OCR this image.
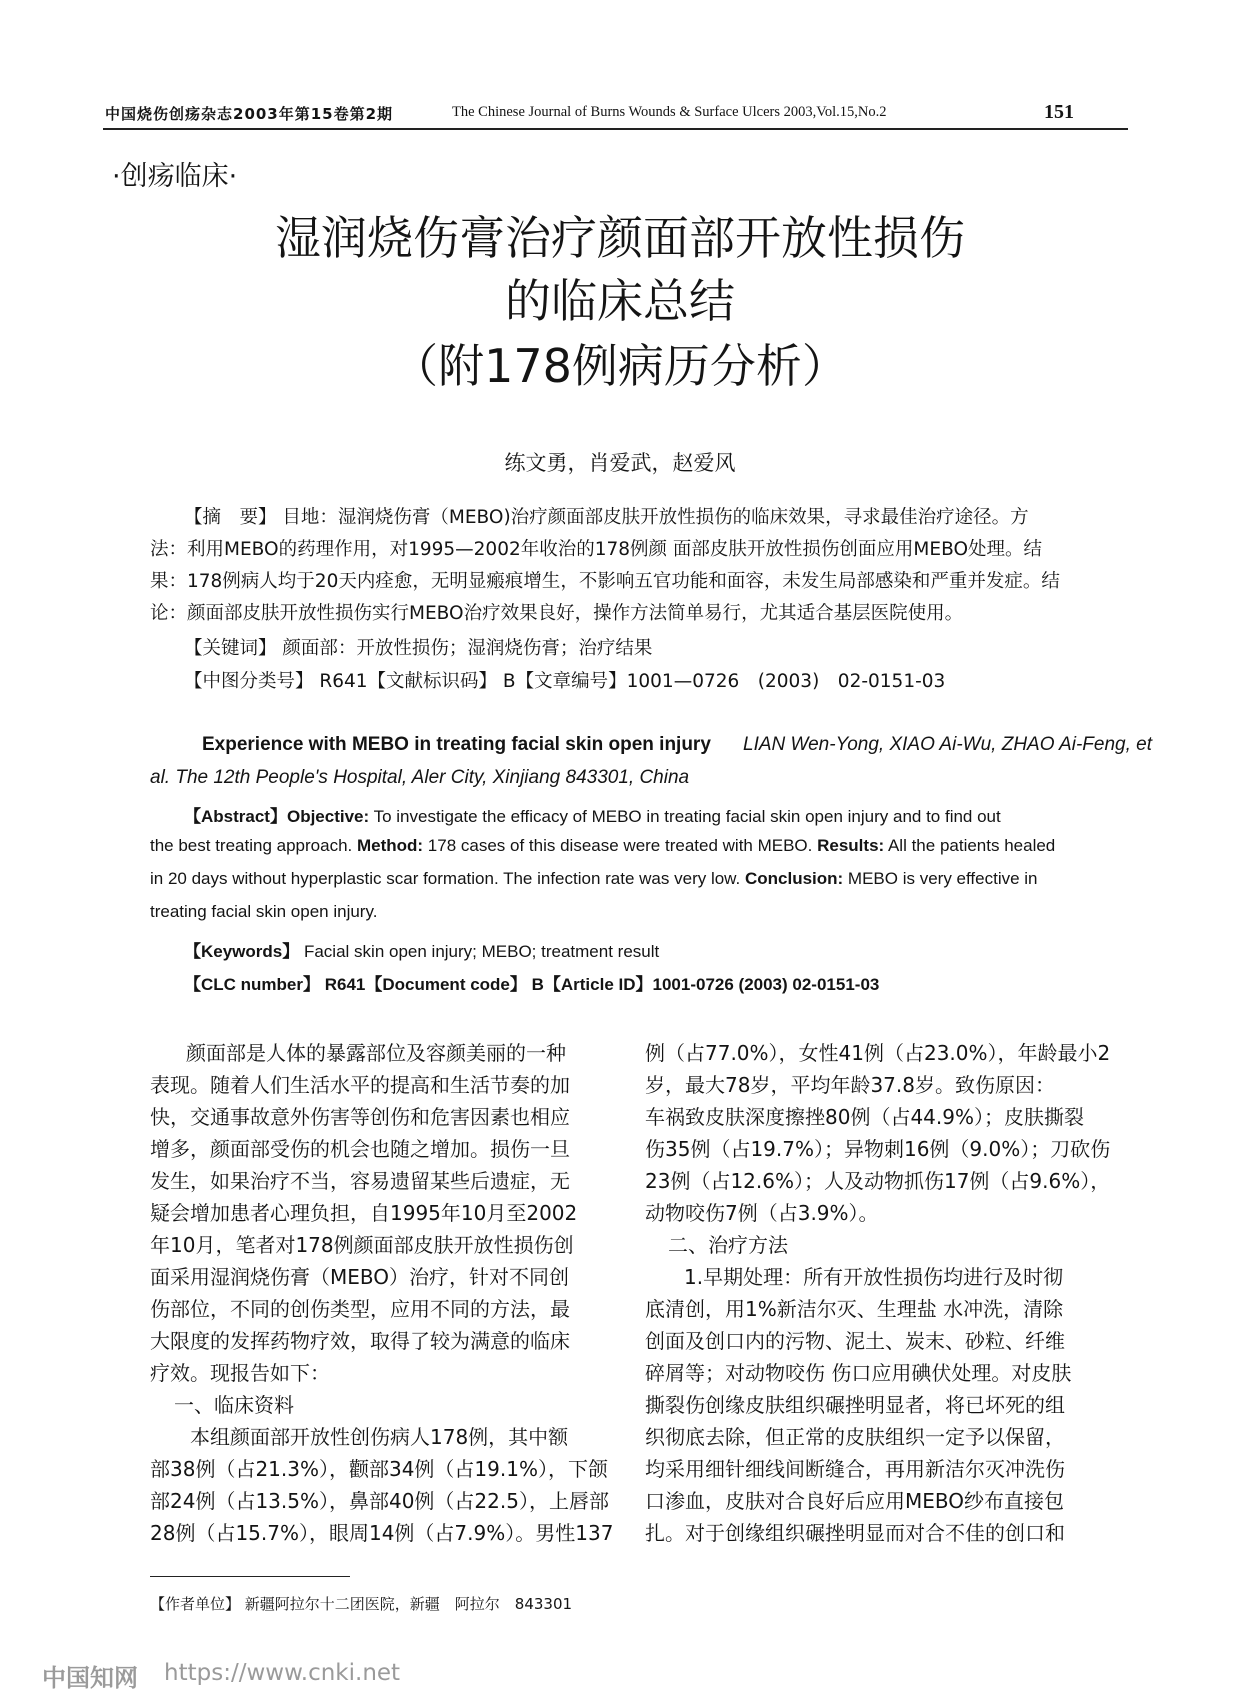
中国烧伤创疡杂志2003年第15卷第2期	The Chinese Journal of Burns Wounds & Surface Ulcers 2003,Vol.15,No.2	151
·创疡临床·
湿润烧伤膏治疗颜面部开放性损伤
的临床总结
（附178例病历分析）
练文勇，肖爱武，赵爱风
【摘　要】 目地：湿润烧伤膏（MEBO)治疗颜面部皮肤开放性损伤的临床效果，寻求最佳治疗途径。方
法：利用MEBO的药理作用，对1995—2002年收治的178例颜 面部皮肤开放性损伤创面应用MEBO处理。结
果：178例病人均于20天内痊愈，无明显瘢痕增生，不影响五官功能和面容，未发生局部感染和严重并发症。结
论：颜面部皮肤开放性损伤实行MEBO治疗效果良好，操作方法简单易行，尤其适合基层医院使用。
【关键词】 颜面部：开放性损伤；湿润烧伤膏；治疗结果
【中图分类号】 R641【文献标识码】 B【文章编号】1001—0726　(2003)　02-0151-03
Experience with MEBO in treating facial skin open injury LIAN Wen-Yong, XIAO Ai-Wu, ZHAO Ai-Feng, et
al. The 12th People's Hospital, Aler City, Xinjiang 843301, China
【Abstract】Objective: To investigate the efficacy of MEBO in treating facial skin open injury and to find out
the best treating approach. Method: 178 cases of this disease were treated with MEBO. Results: All the patients healed
in 20 days without hyperplastic scar formation. The infection rate was very low. Conclusion: MEBO is very effective in
treating facial skin open injury.
【Keywords】 Facial skin open injury; MEBO; treatment result
【CLC number】 R641【Document code】 B【Article ID】1001-0726 (2003) 02-0151-03
颜面部是人体的暴露部位及容颜美丽的一种
表现。随着人们生活水平的提高和生活节奏的加
快，交通事故意外伤害等创伤和危害因素也相应
增多，颜面部受伤的机会也随之增加。损伤一旦
发生，如果治疗不当，容易遗留某些后遗症，无
疑会增加患者心理负担，自1995年10月至2002
年10月，笔者对178例颜面部皮肤开放性损伤创
面采用湿润烧伤膏（MEBO）治疗，针对不同创
伤部位，不同的创伤类型，应用不同的方法，最
大限度的发挥药物疗效，取得了较为满意的临床
疗效。现报告如下：
一、临床资料
本组颜面部开放性创伤病人178例，其中额
部38例（占21.3%），颧部34例（占19.1%），下颌
部24例（占13.5%），鼻部40例（占22.5），上唇部
28例（占15.7%），眼周14例（占7.9%）。男性137
例（占77.0%），女性41例（占23.0%），年龄最小2
岁，最大78岁，平均年龄37.8岁。致伤原因：
车祸致皮肤深度擦挫80例（占44.9%）；皮肤撕裂
伤35例（占19.7%）；异物刺16例（9.0%）；刀砍伤
23例（占12.6%）；人及动物抓伤17例（占9.6%），
动物咬伤7例（占3.9%）。
二、治疗方法
1.早期处理：所有开放性损伤均进行及时彻
底清创，用1%新洁尔灭、生理盐 水冲洗，清除
创面及创口内的污物、泥土、炭末、砂粒、纤维
碎屑等；对动物咬伤 伤口应用碘伏处理。对皮肤
撕裂伤创缘皮肤组织碾挫明显者，将已坏死的组
织彻底去除，但正常的皮肤组织一定予以保留，
均采用细针细线间断缝合，再用新洁尔灭冲洗伤
口渗血，皮肤对合良好后应用MEBO纱布直接包
扎。对于创缘组织碾挫明显而对合不佳的创口和
【作者单位】 新疆阿拉尔十二团医院，新疆　阿拉尔　843301
中国知网 https://www.cnki.net
